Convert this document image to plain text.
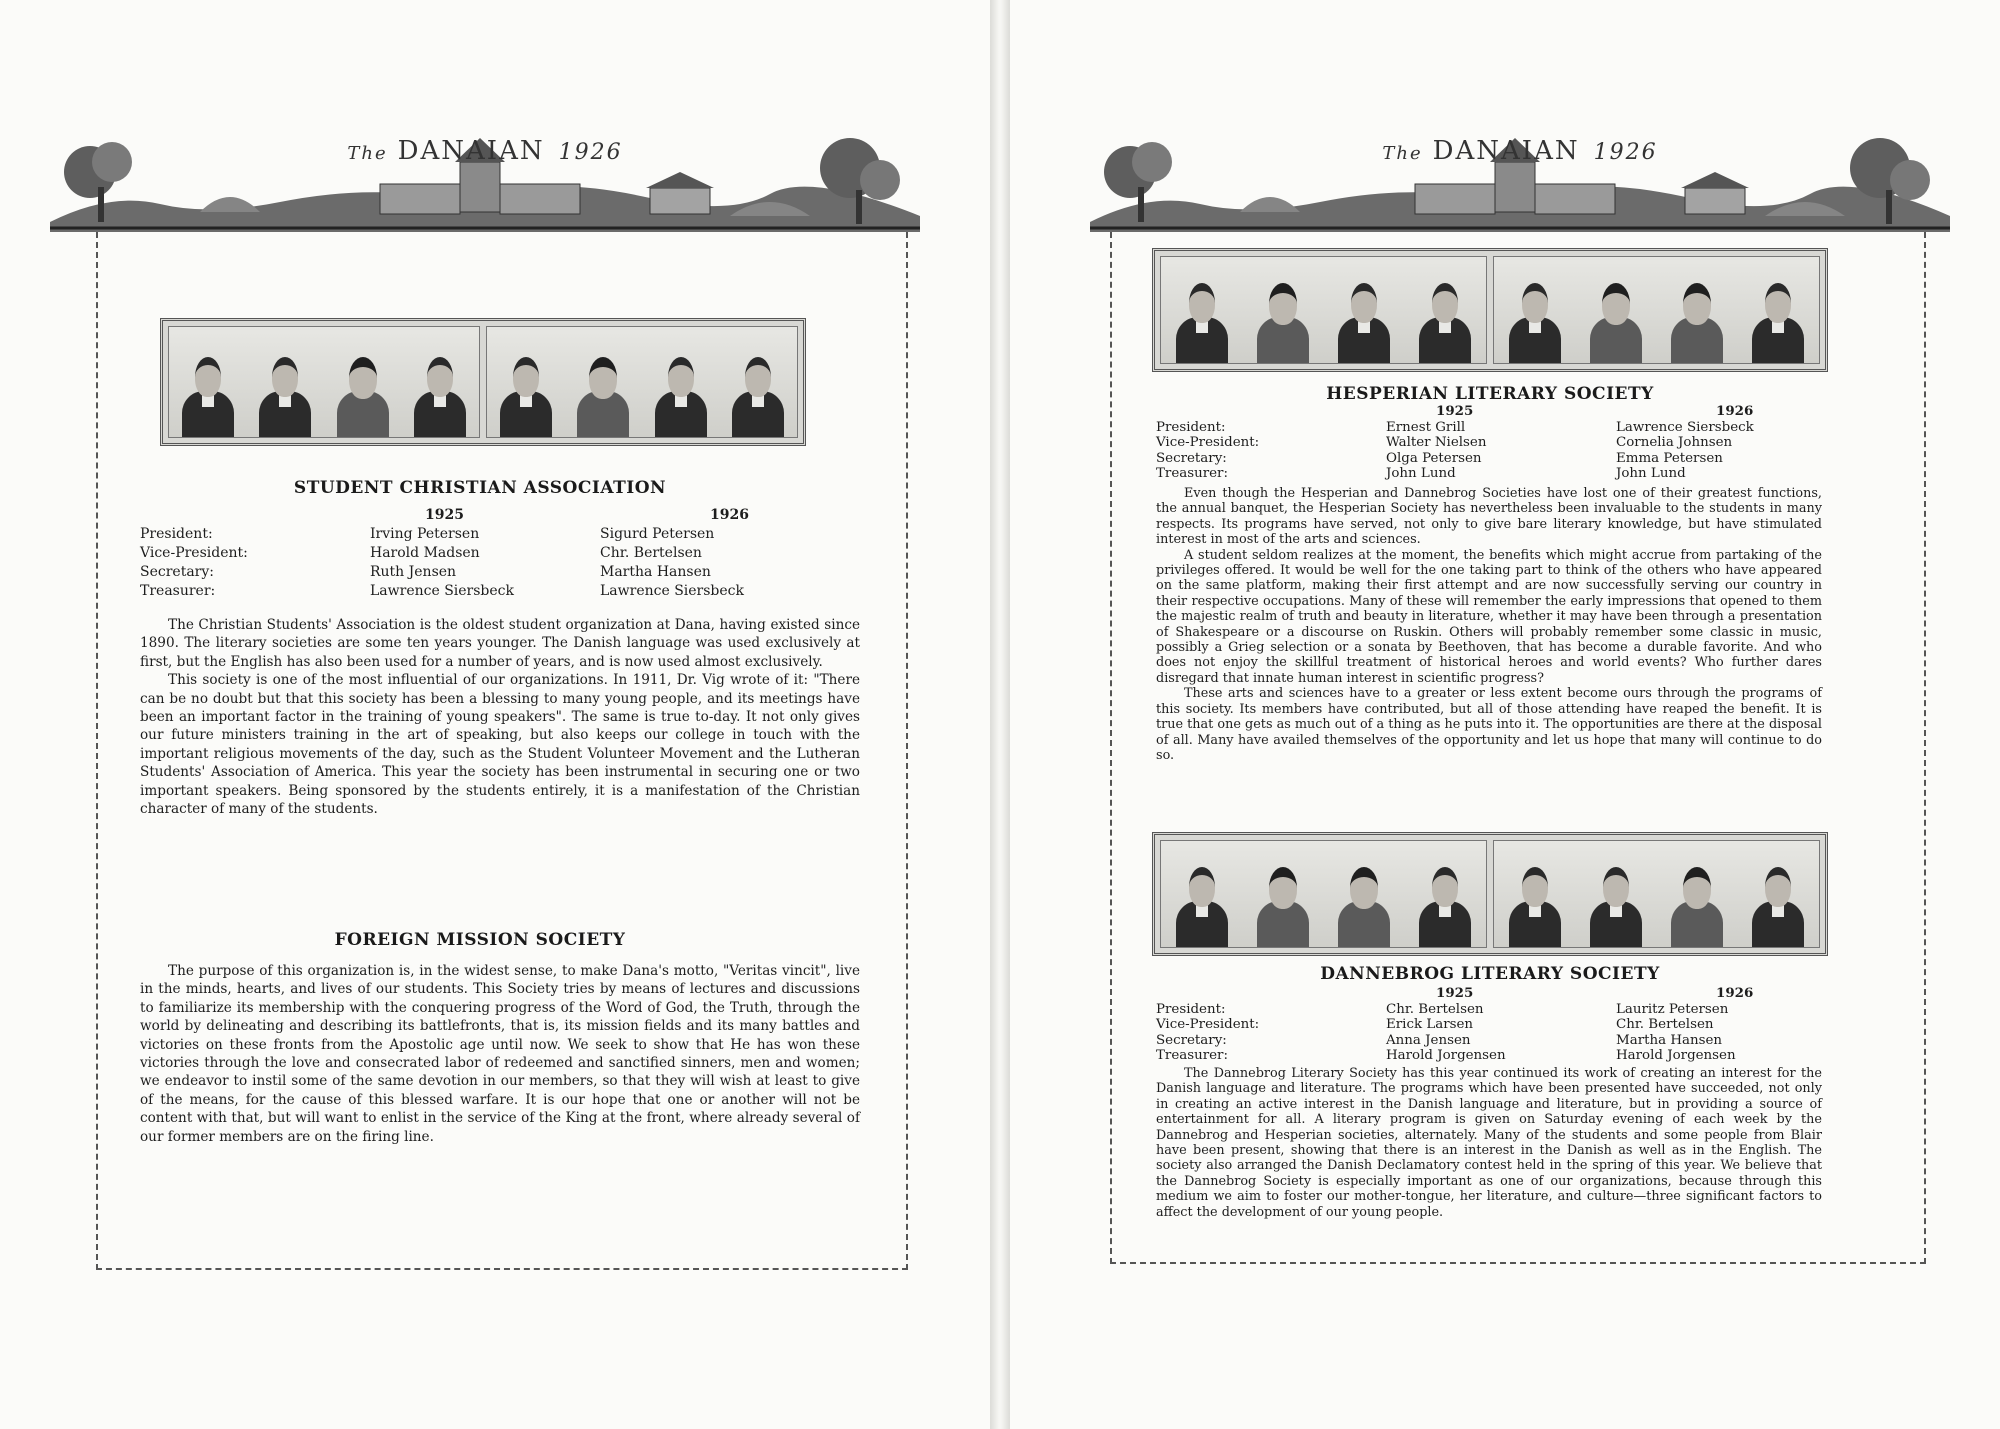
The DANAIAN 1926
STUDENT CHRISTIAN ASSOCIATION
1925	1926
President:	Irving Petersen	Sigurd Petersen
Vice-President:	Harold Madsen	Chr. Bertelsen
Secretary:	Ruth Jensen	Martha Hansen
Treasurer:	Lawrence Siersbeck	Lawrence Siersbeck

The Christian Students' Association is the oldest student organization at Dana, having existed since 1890. The literary societies are some ten years younger. The Danish language was used exclusively at first, but the English has also been used for a number of years, and is now used almost exclusively.

This society is one of the most influential of our organizations. In 1911, Dr. Vig wrote of it: "There can be no doubt but that this society has been a blessing to many young people, and its meetings have been an important factor in the training of young speakers". The same is true to-day. It not only gives our future ministers training in the art of speaking, but also keeps our college in touch with the important religious movements of the day, such as the Student Volunteer Movement and the Lutheran Students' Association of America. This year the society has been instrumental in securing one or two important speakers. Being sponsored by the students entirely, it is a manifestation of the Christian character of many of the students.

FOREIGN MISSION SOCIETY

The purpose of this organization is, in the widest sense, to make Dana's motto, "Veritas vincit", live in the minds, hearts, and lives of our students. This Society tries by means of lectures and discussions to familiarize its membership with the conquering progress of the Word of God, the Truth, through the world by delineating and describing its battlefronts, that is, its mission fields and its many battles and victories on these fronts from the Apostolic age until now. We seek to show that He has won these victories through the love and consecrated labor of redeemed and sanctified sinners, men and women; we endeavor to instil some of the same devotion in our members, so that they will wish at least to give of the means, for the cause of this blessed warfare. It is our hope that one or another will not be content with that, but will want to enlist in the service of the King at the front, where already several of our former members are on the firing line.

The DANAIAN 1926
HESPERIAN LITERARY SOCIETY
1925	1926
President:	Ernest Grill	Lawrence Siersbeck
Vice-President:	Walter Nielsen	Cornelia Johnsen
Secretary:	Olga Petersen	Emma Petersen
Treasurer:	John Lund	John Lund

Even though the Hesperian and Dannebrog Societies have lost one of their greatest functions, the annual banquet, the Hesperian Society has nevertheless been invaluable to the students in many respects. Its programs have served, not only to give bare literary knowledge, but have stimulated interest in most of the arts and sciences.

A student seldom realizes at the moment, the benefits which might accrue from partaking of the privileges offered. It would be well for the one taking part to think of the others who have appeared on the same platform, making their first attempt and are now successfully serving our country in their respective occupations. Many of these will remember the early impressions that opened to them the majestic realm of truth and beauty in literature, whether it may have been through a presentation of Shakespeare or a discourse on Ruskin. Others will probably remember some classic in music, possibly a Grieg selection or a sonata by Beethoven, that has become a durable favorite. And who does not enjoy the skillful treatment of historical heroes and world events? Who further dares disregard that innate human interest in scientific progress?

These arts and sciences have to a greater or less extent become ours through the programs of this society. Its members have contributed, but all of those attending have reaped the benefit. It is true that one gets as much out of a thing as he puts into it. The opportunities are there at the disposal of all. Many have availed themselves of the opportunity and let us hope that many will continue to do so.

DANNEBROG LITERARY SOCIETY
1925	1926
President:	Chr. Bertelsen	Lauritz Petersen
Vice-President:	Erick Larsen	Chr. Bertelsen
Secretary:	Anna Jensen	Martha Hansen
Treasurer:	Harold Jorgensen	Harold Jorgensen

The Dannebrog Literary Society has this year continued its work of creating an interest for the Danish language and literature. The programs which have been presented have succeeded, not only in creating an active interest in the Danish language and literature, but in providing a source of entertainment for all. A literary program is given on Saturday evening of each week by the Dannebrog and Hesperian societies, alternately. Many of the students and some people from Blair have been present, showing that there is an interest in the Danish as well as in the English. The society also arranged the Danish Declamatory contest held in the spring of this year. We believe that the Dannebrog Society is especially important as one of our organizations, because through this medium we aim to foster our mother-tongue, her literature, and culture—three significant factors to affect the development of our young people.
